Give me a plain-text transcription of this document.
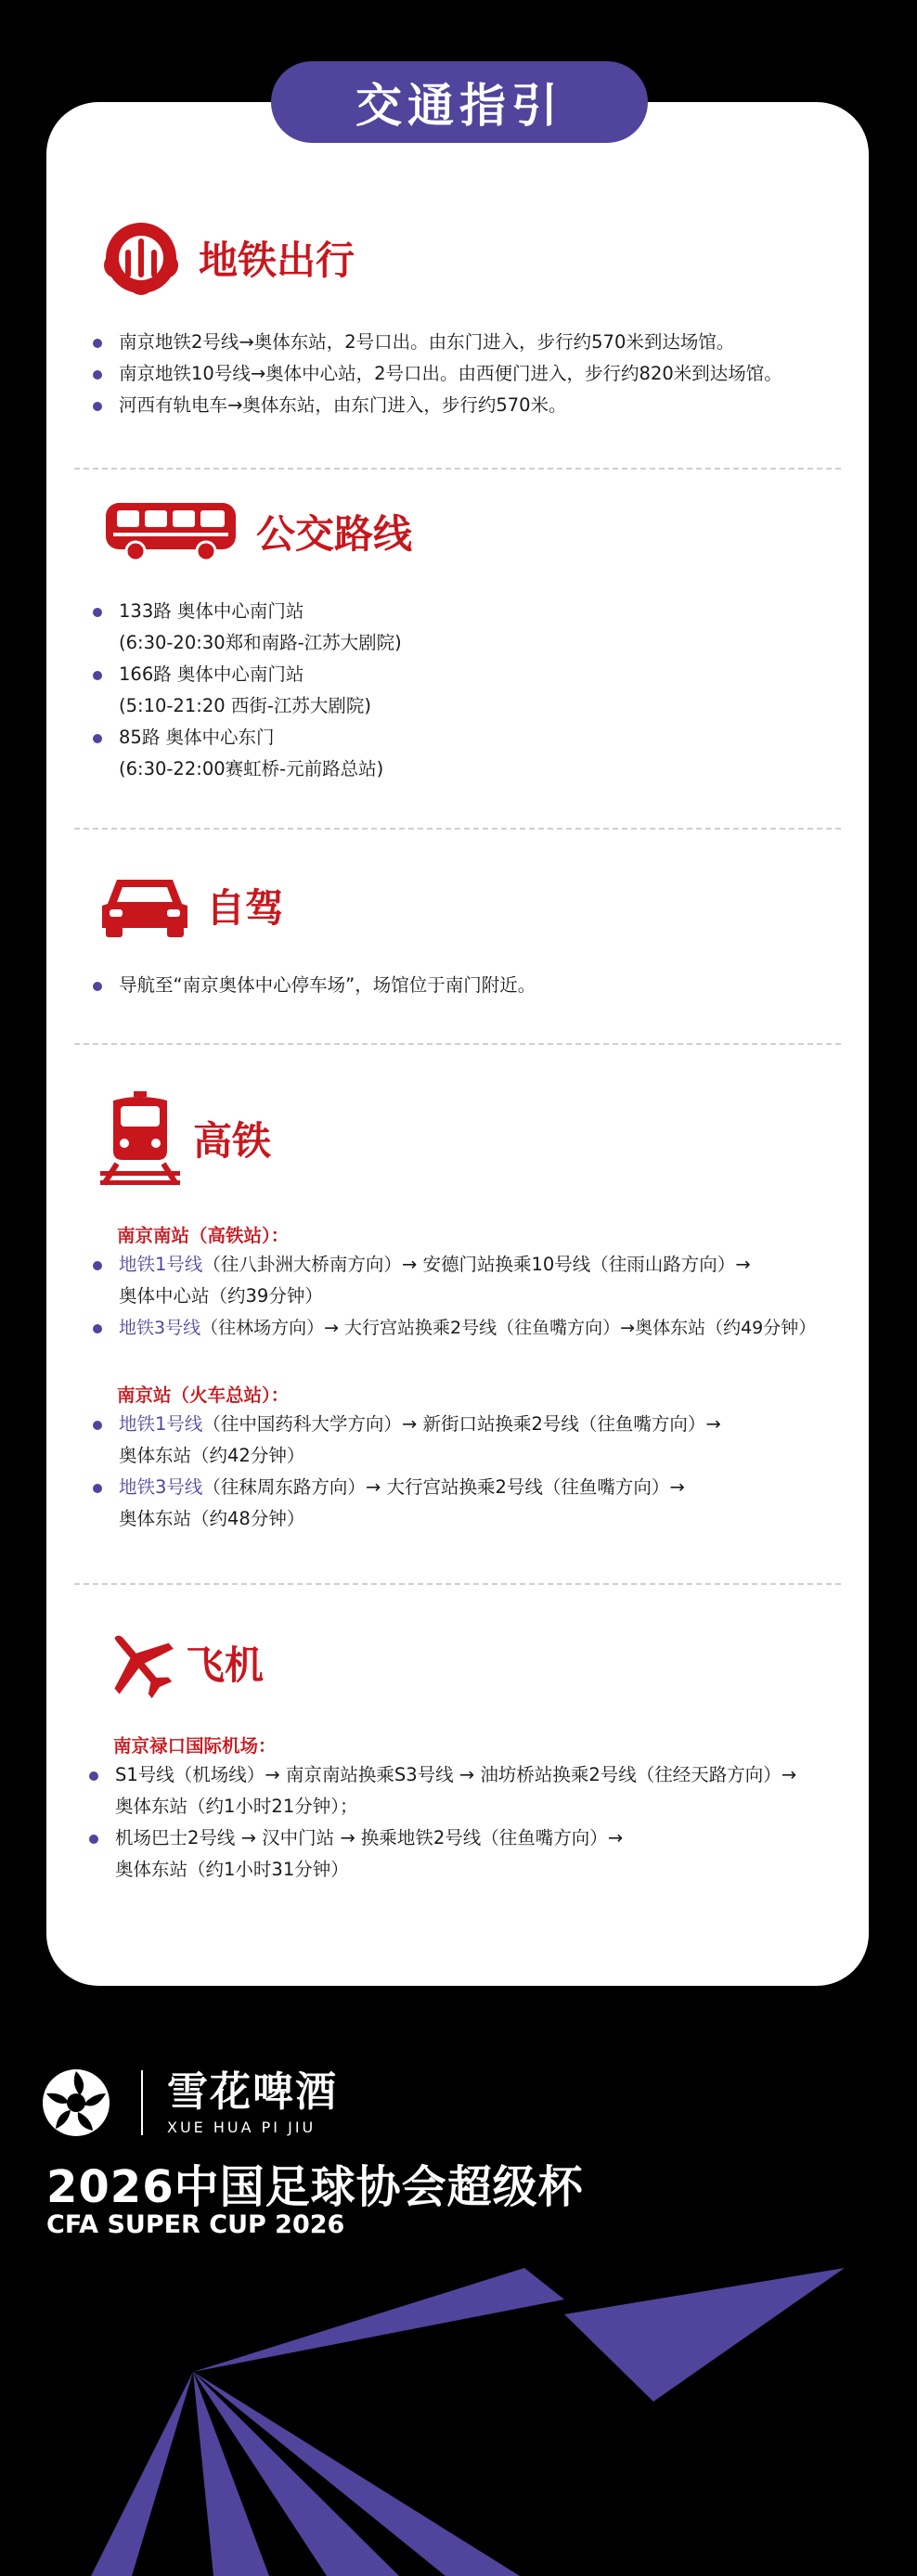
交通指引
地铁出行
南京地铁2号线→奥体东站，2号口出。由东门进入，步行约570米到达场馆。
南京地铁10号线→奥体中心站，2号口出。由西便门进入，步行约820米到达场馆。
河西有轨电车→奥体东站，由东门进入，步行约570米。
公交路线
133路 奥体中心南门站
(6:30-20:30郑和南路-江苏大剧院)
166路 奥体中心南门站
(5:10-21:20 西街-江苏大剧院)
85路 奥体中心东门
(6:30-22:00赛虹桥-元前路总站)
自驾
导航至“南京奥体中心停车场”，场馆位于南门附近。
高铁
南京南站（高铁站）：
地铁1号线（往八卦洲大桥南方向）→ 安德门站换乘10号线（往雨山路方向）→
奥体中心站（约39分钟）
地铁3号线（往林场方向）→ 大行宫站换乘2号线（往鱼嘴方向）→奥体东站（约49分钟）
南京站（火车总站）：
地铁1号线（往中国药科大学方向）→ 新街口站换乘2号线（往鱼嘴方向）→
奥体东站（约42分钟）
地铁3号线（往秣周东路方向）→ 大行宫站换乘2号线（往鱼嘴方向）→
奥体东站（约48分钟）
飞机
南京禄口国际机场：
S1号线（机场线）→ 南京南站换乘S3号线 → 油坊桥站换乘2号线（往经天路方向）→
奥体东站（约1小时21分钟）；
机场巴士2号线 → 汉中门站 → 换乘地铁2号线（往鱼嘴方向）→
奥体东站（约1小时31分钟）
雪花啤酒
XUE HUA PI JIU
2026中国足球协会超级杯
CFA SUPER CUP 2026
